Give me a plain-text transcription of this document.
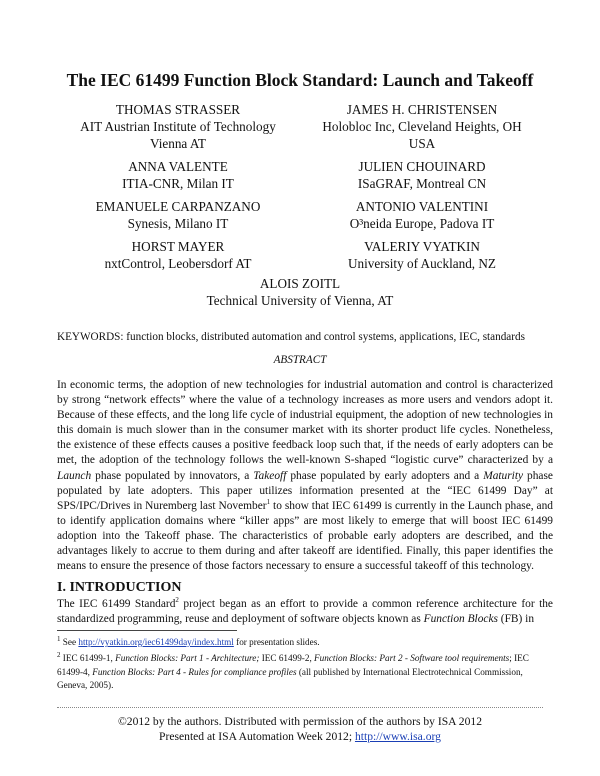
The IEC 61499 Function Block Standard: Launch and Takeoff
THOMAS STRASSER
AIT Austrian Institute of Technology
Vienna AT
JAMES H. CHRISTENSEN
Holobloc Inc, Cleveland Heights, OH
USA
ANNA VALENTE
ITIA-CNR, Milan IT
JULIEN CHOUINARD
ISaGRAF, Montreal CN
EMANUELE CARPANZANO
Synesis, Milano IT
ANTONIO VALENTINI
O³neida Europe, Padova IT
HORST MAYER
nxtControl, Leobersdorf AT
VALERIY VYATKIN
University of Auckland, NZ
ALOIS ZOITL
Technical University of Vienna, AT
KEYWORDS: function blocks, distributed automation and control systems, applications, IEC, standards
ABSTRACT
In economic terms, the adoption of new technologies for industrial automation and control is characterized by strong “network effects” where the value of a technology increases as more users and vendors adopt it. Because of these effects, and the long life cycle of industrial equipment, the adoption of new technologies in this domain is much slower than in the consumer market with its shorter product life cycles. Nonetheless, the existence of these effects causes a positive feedback loop such that, if the needs of early adopters can be met, the adoption of the technology follows the well-known S-shaped “logistic curve” characterized by a Launch phase populated by innovators, a Takeoff phase populated by early adopters and a Maturity phase populated by late adopters. This paper utilizes information presented at the “IEC 61499 Day” at SPS/IPC/Drives in Nuremberg last November$^1$ to show that IEC 61499 is currently in the Launch phase, and to identify application domains where “killer apps” are most likely to emerge that will boost IEC 61499 adoption into the Takeoff phase. The characteristics of probable early adopters are described, and the advantages likely to accrue to them during and after takeoff are identified. Finally, this paper identifies the means to ensure the presence of those factors necessary to ensure a successful takeoff of this technology.
I. INTRODUCTION
The IEC 61499 Standard$^2$ project began as an effort to provide a common reference architecture for the standardized programming, reuse and deployment of software objects known as Function Blocks (FB) in

$^1$ See http://vyatkin.org/iec61499day/index.html for presentation slides.

$^2$ IEC 61499-1, Function Blocks: Part 1 - Architecture; IEC 61499-2, Function Blocks: Part 2 - Software tool requirements; IEC 61499-4, Function Blocks: Part 4 - Rules for compliance profiles (all published by International Electrotechnical Commission, Geneva, 2005).

©2012 by the authors. Distributed with permission of the authors by ISA 2012
Presented at ISA Automation Week 2012; http://www.isa.org
